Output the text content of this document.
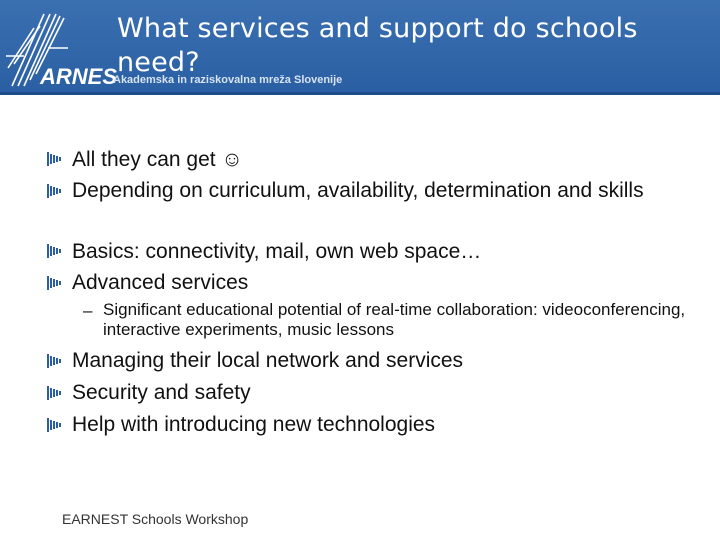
ARNES
What services and support do schools need?
Akademska in raziskovalna mreža Slovenije
All they can get ☺
Depending on curriculum, availability, determination and skills
Basics: connectivity, mail, own web space…
Advanced services
– Significant educational potential of real-time collaboration: videoconferencing, interactive experiments, music lessons
Managing their local network and services
Security and safety
Help with introducing new technologies
EARNEST Schools Workshop
